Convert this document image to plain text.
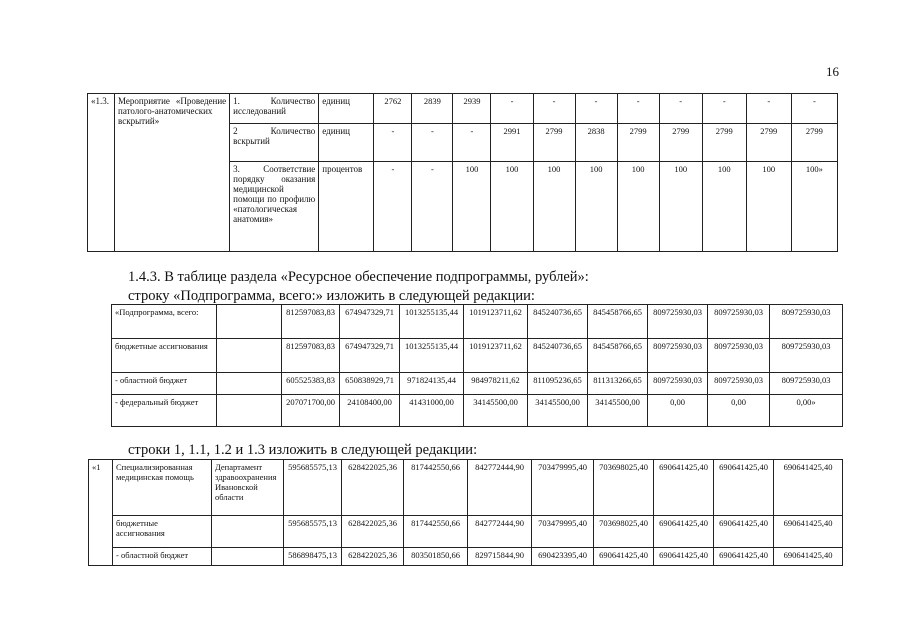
16
«1.3.	Мероприятие «Проведение патолого-анатомических вскрытий»	1. Количество исследований	единиц	2762	2839	2939	-	-	-	-	-	-	-	-
		2 Количество вскрытий	единиц	-	-	-	2991	2799	2838	2799	2799	2799	2799	2799
		3. Соответствие порядку оказания медицинской помощи по профилю «патологическая анатомия»	процентов	-	-	100	100	100	100	100	100	100	100	100»
1.4.3. В таблице раздела «Ресурсное обеспечение подпрограммы, рублей»:
строку «Подпрограмма, всего:» изложить в следующей редакции:
«Подпрограмма, всего:		812597083,83	674947329,71	1013255135,44	1019123711,62	845240736,65	845458766,65	809725930,03	809725930,03	809725930,03
бюджетные ассигнования		812597083,83	674947329,71	1013255135,44	1019123711,62	845240736,65	845458766,65	809725930,03	809725930,03	809725930,03
- областной бюджет		605525383,83	650838929,71	971824135,44	984978211,62	811095236,65	811313266,65	809725930,03	809725930,03	809725930,03
- федеральный бюджет		207071700,00	24108400,00	41431000,00	34145500,00	34145500,00	34145500,00	0,00	0,00	0,00»
строки 1, 1.1, 1.2 и 1.3 изложить в следующей редакции:
«1	Специализированная медицинская помощь	Департамент здравоохранения Ивановской области	595685575,13	628422025,36	817442550,66	842772444,90	703479995,40	703698025,40	690641425,40	690641425,40	690641425,40
	бюджетные ассигнования		595685575,13	628422025,36	817442550,66	842772444,90	703479995,40	703698025,40	690641425,40	690641425,40	690641425,40
	- областной бюджет		586898475,13	628422025,36	803501850,66	829715844,90	690423395,40	690641425,40	690641425,40	690641425,40	690641425,40
